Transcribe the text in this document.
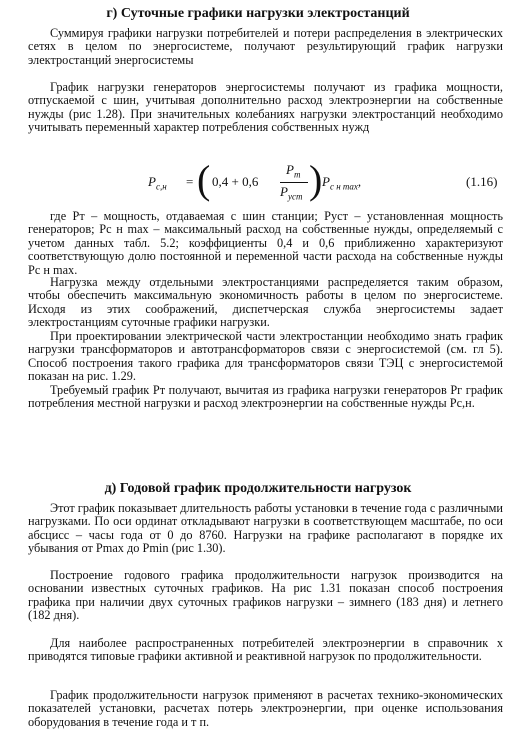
г) Суточные графики нагрузки электростанций

Суммируя графики нагрузки потребителей и потери распределения в электрических сетях в целом по энергосистеме, получают результирующий график нагрузки электростанций энергосистемы

График нагрузки генераторов энергосистемы получают из графика мощности, отпускаемой с шин, учитывая дополнительно расход электроэнергии на собственные нужды (рис 1.28). При значительных колебаниях нагрузки электростанций необходимо учитывать переменный характер потребления собственных нужд

$P_{с,н}$ = ( 0,4 + 0,6
$P_т$
$P_{уст}$ ) $P_{с н max}$,	(1.16)

где Pт – мощность, отдаваемая с шин станции; Pуст – установленная мощность генераторов; Pс н max – максимальный расход на собственные нужды, определяемый с учетом данных табл. 5.2; коэффициенты 0,4 и 0,6 приближенно характеризуют соответствующую долю постоянной и переменной части расхода на собственные нужды Pс н max.

Нагрузка между отдельными электростанциями распределяется таким образом, чтобы обеспечить максимальную экономичность работы в целом по энергосистеме. Исходя из этих соображений, диспетчерская служба энергосистемы задает электростанциям суточные графики нагрузки.

При проектировании электрической части электростанции необходимо знать график нагрузки трансформаторов и автотрансформаторов связи с энергосистемой (см. гл 5). Способ построения такого графика для трансформаторов связи ТЭЦ с энергосистемой показан на рис. 1.29.

Требуемый график Pт получают, вычитая из графика нагрузки генераторов Pг график потребления местной нагрузки и расход электроэнергии на собственные нужды Pс,н.

д) Годовой график продолжительности нагрузок

Этот график показывает длительность работы установки в течение года с различными нагрузками. По оси ординат откладывают нагрузки в соответствующем масштабе, по оси абсцисс – часы года от 0 до 8760. Нагрузки на графике располагают в порядке их убывания от Pmax до Pmin (рис 1.30).

Построение годового графика продолжительности нагрузок производится на основании известных суточных графиков. На рис 1.31 показан способ построения графика при наличии двух суточных графиков нагрузки – зимнего (183 дня) и летнего (182 дня).

Для наиболее распространенных потребителей электроэнергии в справочник х приводятся типовые графики активной и реактивной нагрузок по продолжительности.

График продолжительности нагрузок применяют в расчетах технико-экономических показателей установки, расчетах потерь электроэнергии, при оценке использования оборудования в течение года и т п.
